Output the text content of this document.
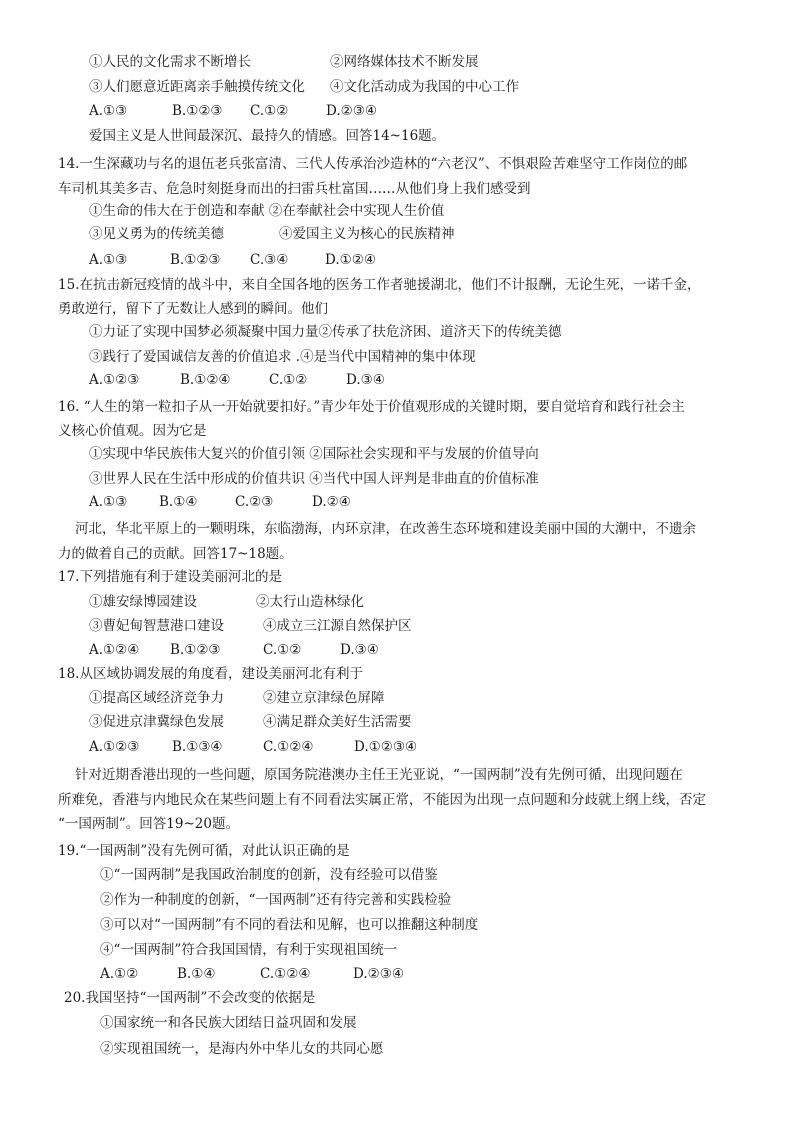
①人民的文化需求不断增长	②网络媒体技术不断发展
③人们愿意近距离亲手触摸传统文化 ④文化活动成为我国的中心工作
A.①③	B.①②③ C.①②	D.②③④
爱国主义是人世间最深沉、最持久的情感。回答14~16题。
14.一生深藏功与名的退伍老兵张富清、三代人传承治沙造林的“六老汉”、不惧艰险苦难坚守工作岗位的邮
车司机其美多吉、危急时刻挺身而出的扫雷兵杜富国……从他们身上我们感受到
①生命的伟大在于创造和奉献 ②在奉献社会中实现人生价值
③见义勇为的传统美德	④爱国主义为核心的民族精神
A.①③	B.①②③ C.③④	D.①②④
15.在抗击新冠疫情的战斗中，来自全国各地的医务工作者驰援湖北，他们不计报酬，无论生死，一诺千金，
勇敢逆行，留下了无数让人感到的瞬间。他们
①力证了实现中国梦必须凝聚中国力量②传承了扶危济困、道济天下的传统美德
③践行了爱国诚信友善的价值追求 .④是当代中国精神的集中体现
A.①②③	B.①②④	C.①②	D.③④
16. “人生的第一粒扣子从一开始就要扣好。”青少年处于价值观形成的关键时期，要自觉培育和践行社会主
义核心价值观。因为它是
①实现中华民族伟大复兴的价值引领 ②国际社会实现和平与发展的价值导向
③世界人民在生活中形成的价值共识 ④当代中国人评判是非曲直的价值标准
A.①③ B.①④	C.②③	D.②④
河北，华北平原上的一颗明珠，东临渤海，内环京津，在改善生态环境和建设美丽中国的大潮中，不遗余
力的做着自己的贡献。回答17~18题。
17.下列措施有利于建设美丽河北的是
①雄安绿博园建设	②太行山造林绿化
③曹妃甸智慧港口建设	④成立三江源自然保护区
A.①②④ B.①②③	C.①②	D.③④
18.从区域协调发展的角度看，建设美丽河北有利于
①提高区域经济竞争力	②建立京津绿色屏障
③促进京津冀绿色发展	④满足群众美好生活需要
A.①②③ B.①③④	C.①②④	D.①②③④
针对近期香港出现的一些问题，原国务院港澳办主任王光亚说，“一国两制”没有先例可循，出现问题在
所难免，香港与内地民众在某些问题上有不同看法实属正常，不能因为出现一点问题和分歧就上纲上线，否定
“一国两制”。回答19~20题。
19.“一国两制”没有先例可循，对此认识正确的是
①“一国两制”是我国政治制度的创新，没有经验可以借鉴
②作为一种制度的创新，“一国两制”还有待完善和实践检验
③可以对“一国两制”有不同的看法和见解，也可以推翻这种制度
④“一国两制”符合我国国情，有利于实现祖国统一
A.①②	B.①④	C.①②④	D.②③④
20.我国坚持“一国两制”不会改变的依据是
①国家统一和各民族大团结日益巩固和发展
②实现祖国统一，是海内外中华儿女的共同心愿
